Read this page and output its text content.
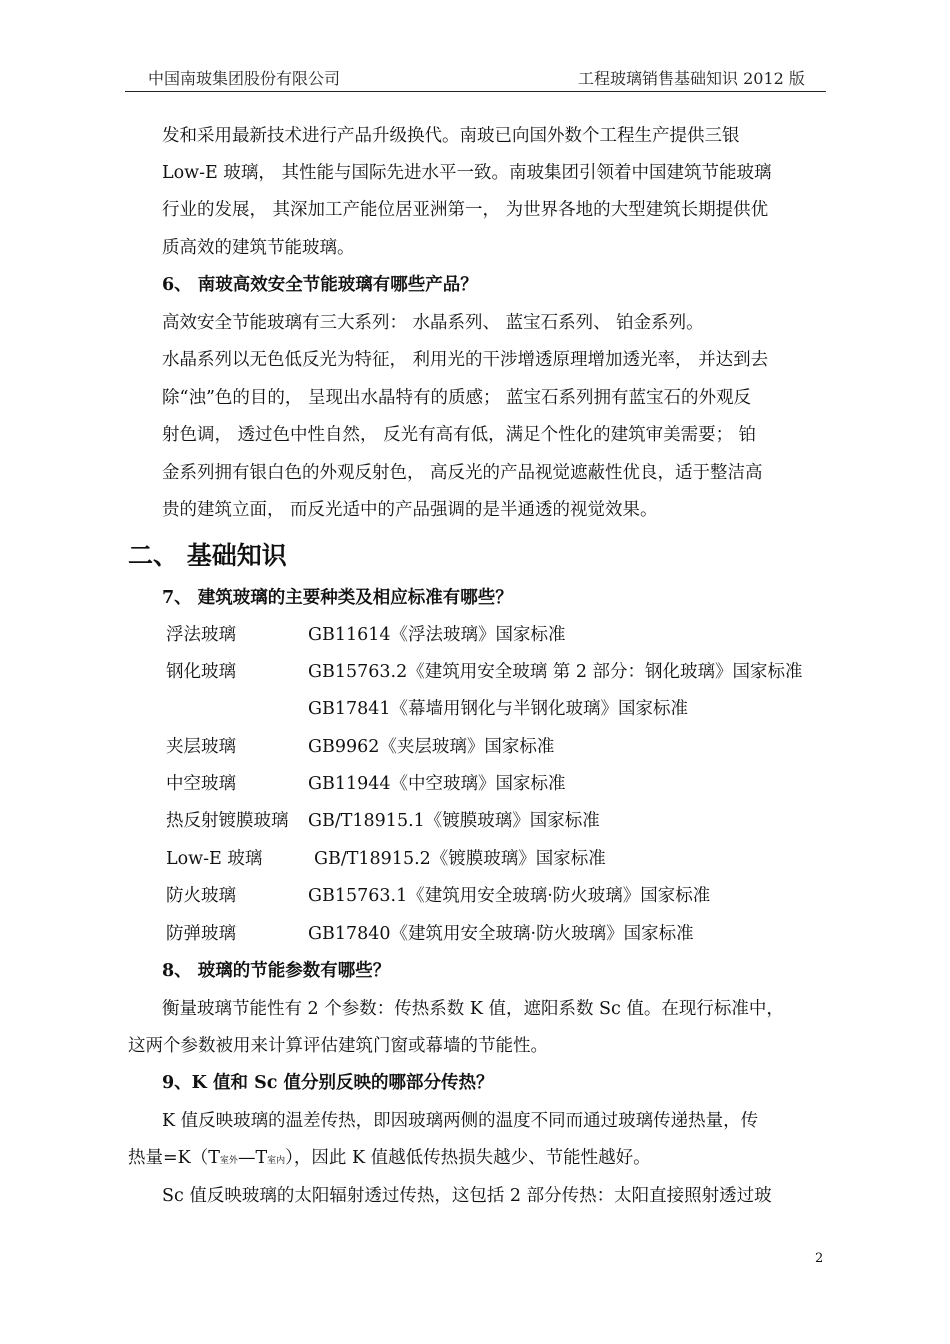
中国南玻集团股份有限公司	工程玻璃销售基础知识 2012 版
发和采用最新技术进行产品升级换代。南玻已向国外数个工程生产提供三银
Low-E 玻璃， 其性能与国际先进水平一致。南玻集团引领着中国建筑节能玻璃
行业的发展， 其深加工产能位居亚洲第一， 为世界各地的大型建筑长期提供优
质高效的建筑节能玻璃。
6、 南玻高效安全节能玻璃有哪些产品？
高效安全节能玻璃有三大系列： 水晶系列、 蓝宝石系列、 铂金系列。
水晶系列以无色低反光为特征， 利用光的干涉增透原理增加透光率， 并达到去
除“浊”色的目的， 呈现出水晶特有的质感； 蓝宝石系列拥有蓝宝石的外观反
射色调， 透过色中性自然， 反光有高有低，满足个性化的建筑审美需要； 铂
金系列拥有银白色的外观反射色， 高反光的产品视觉遮蔽性优良，适于整洁高
贵的建筑立面， 而反光适中的产品强调的是半通透的视觉效果。
二、 基础知识
7、 建筑玻璃的主要种类及相应标准有哪些？
浮法玻璃	GB11614《浮法玻璃》国家标准
钢化玻璃	GB15763.2《建筑用安全玻璃 第 2 部分：钢化玻璃》国家标准
GB17841《幕墙用钢化与半钢化玻璃》国家标准
夹层玻璃	GB9962《夹层玻璃》国家标准
中空玻璃	GB11944《中空玻璃》国家标准
热反射镀膜玻璃 GB/T18915.1《镀膜玻璃》国家标准
Low-E 玻璃	GB/T18915.2《镀膜玻璃》国家标准
防火玻璃	GB15763.1《建筑用安全玻璃·防火玻璃》国家标准
防弹玻璃	GB17840《建筑用安全玻璃·防火玻璃》国家标准
8、 玻璃的节能参数有哪些？
衡量玻璃节能性有 2 个参数：传热系数 K 值，遮阳系数 Sc 值。在现行标准中，
这两个参数被用来计算评估建筑门窗或幕墙的节能性。
9、K 值和 Sc 值分别反映的哪部分传热？
K 值反映玻璃的温差传热，即因玻璃两侧的温度不同而通过玻璃传递热量，传
热量=K（T室外—T室内），因此 K 值越低传热损失越少、节能性越好。
Sc 值反映玻璃的太阳辐射透过传热，这包括 2 部分传热：太阳直接照射透过玻
2
